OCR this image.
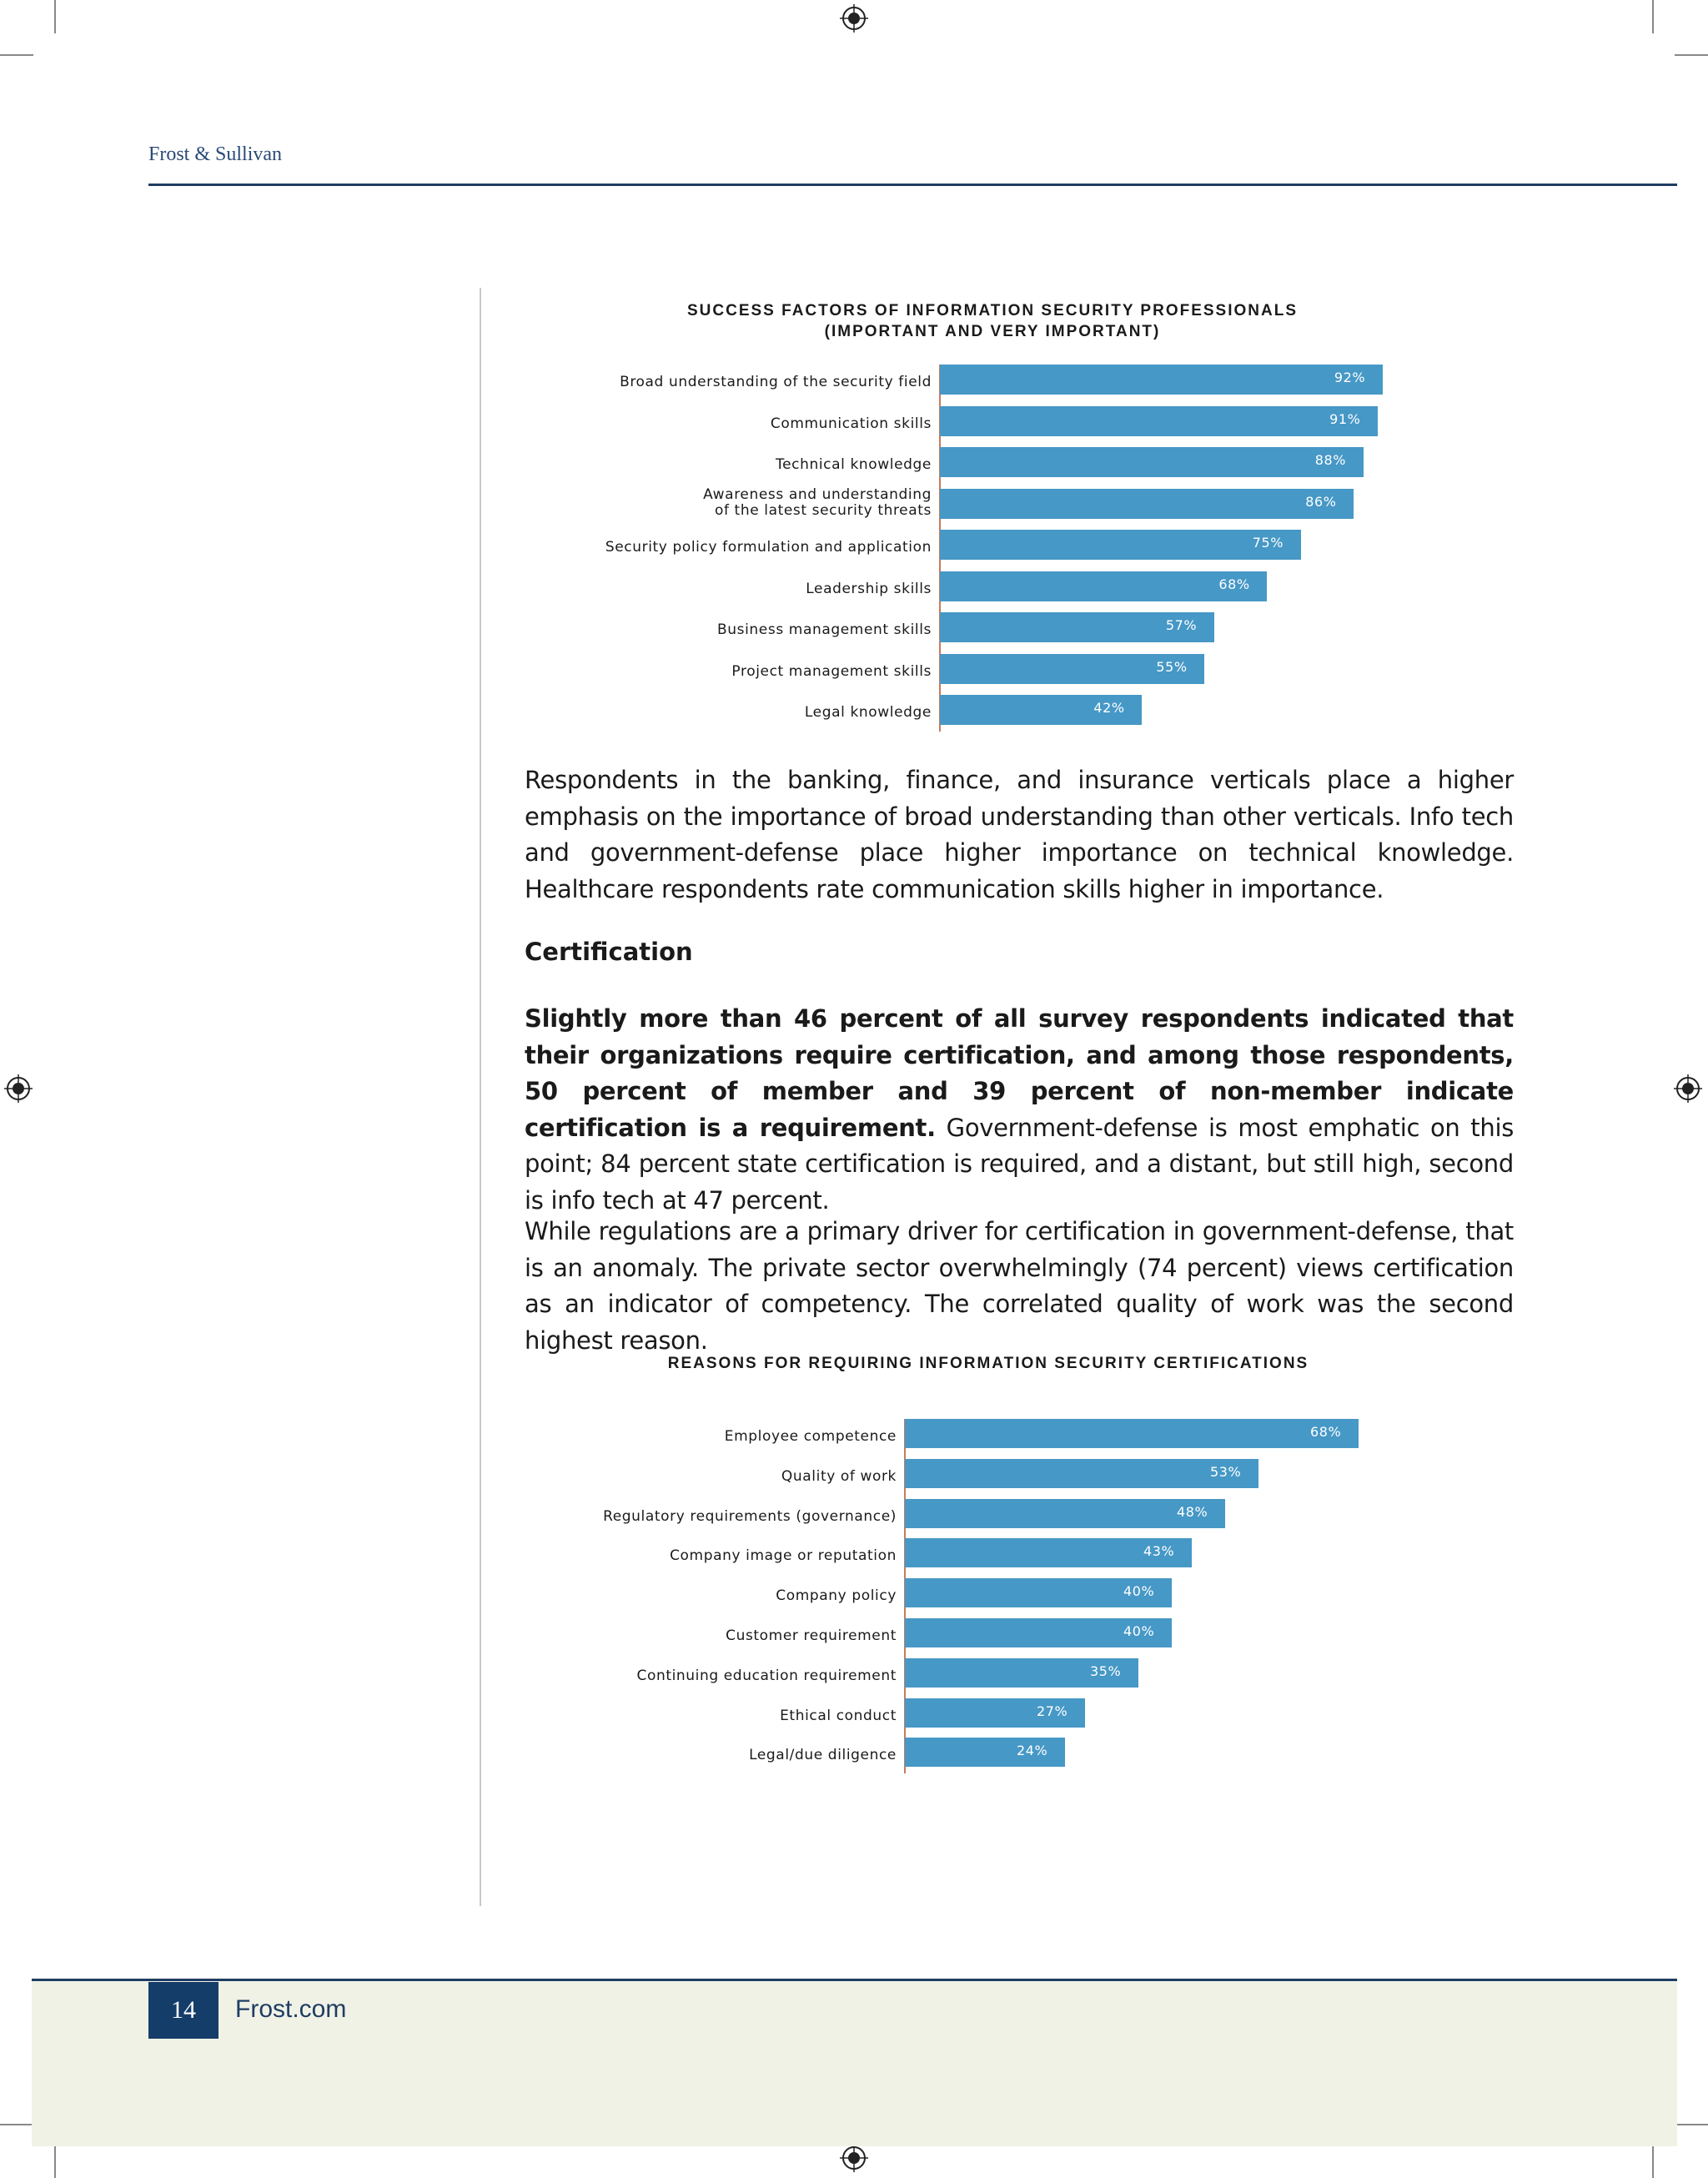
Frost & Sullivan
SUCCESS FACTORS OF INFORMATION SECURITY PROFESSIONALS
(IMPORTANT AND VERY IMPORTANT)
92%
Broad understanding of the security field
91%
Communication skills
88%
Technical knowledge
86%
Awareness and understanding
of the latest security threats
75%
Security policy formulation and application
68%
Leadership skills
57%
Business management skills
55%
Project management skills
42%
Legal knowledge

Respondents in the banking, finance, and insurance verticals place a higher emphasis on the importance of broad understanding than other verticals. Info tech and government-defense place higher importance on technical knowledge. Healthcare respondents rate communication skills higher in importance.

Certification

Slightly more than 46 percent of all survey respondents indicated that their organizations require certification, and among those respondents, 50 percent of member and 39 percent of non-member indicate certification is a requirement. Government-defense is most emphatic on this point; 84 percent state certification is required, and a distant, but still high, second is info tech at 47 percent.

While regulations are a primary driver for certification in government-defense, that is an anomaly. The private sector overwhelmingly (74 percent) views certification as an indicator of competency. The correlated quality of work was the second highest reason.

REASONS FOR REQUIRING INFORMATION SECURITY CERTIFICATIONS
68%
Employee competence
53%
Quality of work
48%
Regulatory requirements (governance)
43%
Company image or reputation
40%
Company policy
40%
Customer requirement
35%
Continuing education requirement
27%
Ethical conduct
24%
Legal/due diligence
14	Frost.com
